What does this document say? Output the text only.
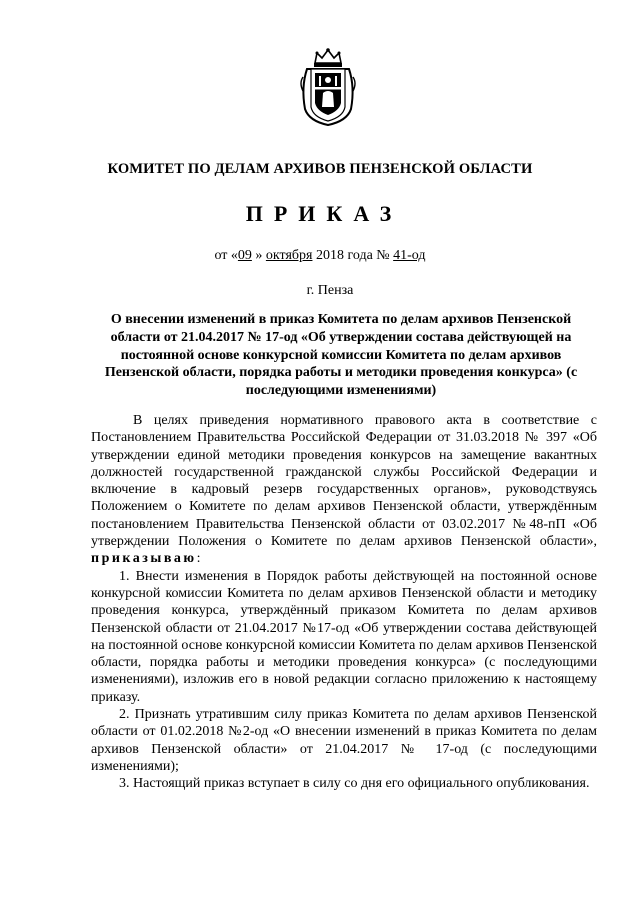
КОМИТЕТ ПО ДЕЛАМ АРХИВОВ ПЕНЗЕНСКОЙ ОБЛАСТИ
ПРИКАЗ
от «09 » октября 2018 года № 41-од
г. Пенза
О внесении изменений в приказ Комитета по делам архивов Пензенской области от 21.04.2017 № 17-од «Об утверждении состава действующей на постоянной основе конкурсной комиссии Комитета по делам архивов Пензенской области, порядка работы и методики проведения конкурса» (с последующими изменениями)

В целях приведения нормативного правового акта в соответствие с Постановлением Правительства Российской Федерации от 31.03.2018 № 397 «Об утверждении единой методики проведения конкурсов на замещение вакантных должностей государственной гражданской службы Российской Федерации и включение в кадровый резерв государственных органов», руководствуясь Положением о Комитете по делам архивов Пензенской области, утверждённым постановлением Правительства Пензенской области от 03.02.2017 №48-пП «Об утверждении Положения о Комитете по делам архивов Пензенской области», приказываю:

1. Внести изменения в Порядок работы действующей на постоянной основе конкурсной комиссии Комитета по делам архивов Пензенской области и методику проведения конкурса, утверждённый приказом Комитета по делам архивов Пензенской области от 21.04.2017 №17-од «Об утверждении состава действующей на постоянной основе конкурсной комиссии Комитета по делам архивов Пензенской области, порядка работы и методики проведения конкурса» (с последующими изменениями), изложив его в новой редакции согласно приложению к настоящему приказу.

2. Признать утратившим силу приказ Комитета по делам архивов Пензенской области от 01.02.2018 №2-од «О внесении изменений в приказ Комитета по делам архивов Пензенской области» от 21.04.2017 № 17-од (с последующими изменениями);

3. Настоящий приказ вступает в силу со дня его официального опубликования.
